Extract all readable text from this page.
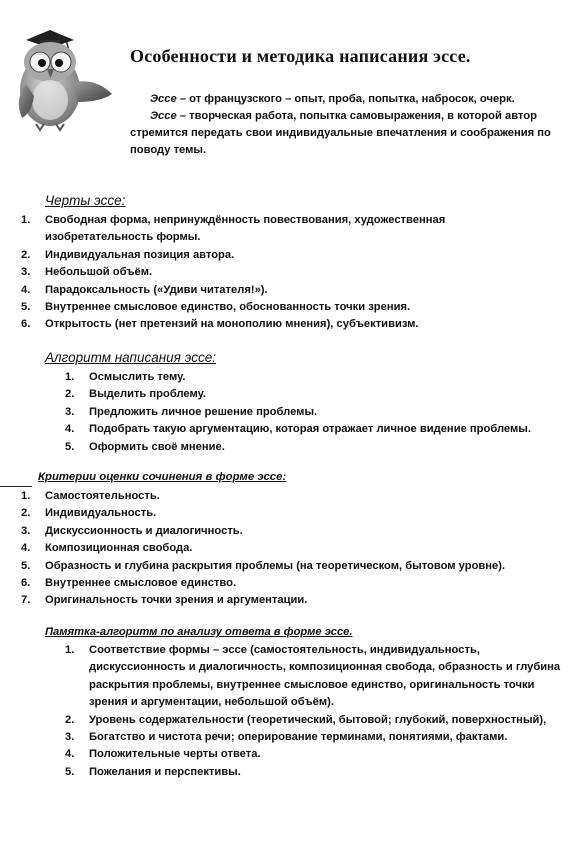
Особенности и методика написания эссе.

Эссе – от французского – опыт, проба, попытка, набросок, очерк.

Эссе – творческая работа, попытка самовыражения, в которой автор стремится передать свои индивидуальные впечатления и соображения по поводу темы.

Черты эссе:
1. Свободная форма, непринуждённость повествования, художественная изобретательность формы.
2. Индивидуальная позиция автора.
3. Небольшой объём.
4. Парадоксальность («Удиви читателя!»).
5. Внутреннее смысловое единство, обоснованность точки зрения.
6. Открытость (нет претензий на монополию мнения), субъективизм.
Алгоритм написания эссе:
1. Осмыслить тему.
2. Выделить проблему.
3. Предложить личное решение проблемы.
4. Подобрать такую аргументацию, которая отражает личное видение проблемы.
5. Оформить своё мнение.
Критерии оценки сочинения в форме эссе:
1. Самостоятельность.
2. Индивидуальность.
3. Дискуссионность и диалогичность.
4. Композиционная свобода.
5. Образность и глубина раскрытия проблемы (на теоретическом, бытовом уровне).
6. Внутреннее смысловое единство.
7. Оригинальность точки зрения и аргументации.
Памятка-алгоритм по анализу ответа в форме эссе.
1. Соответствие формы – эссе (самостоятельность, индивидуальность, дискуссионность и диалогичность, композиционная свобода, образность и глубина раскрытия проблемы, внутреннее смысловое единство, оригинальность точки зрения и аргументации, небольшой объём).
2. Уровень содержательности (теоретический, бытовой; глубокий, поверхностный),
3. Богатство и чистота речи; оперирование терминами, понятиями, фактами.
4. Положительные черты ответа.
5. Пожелания и перспективы.
